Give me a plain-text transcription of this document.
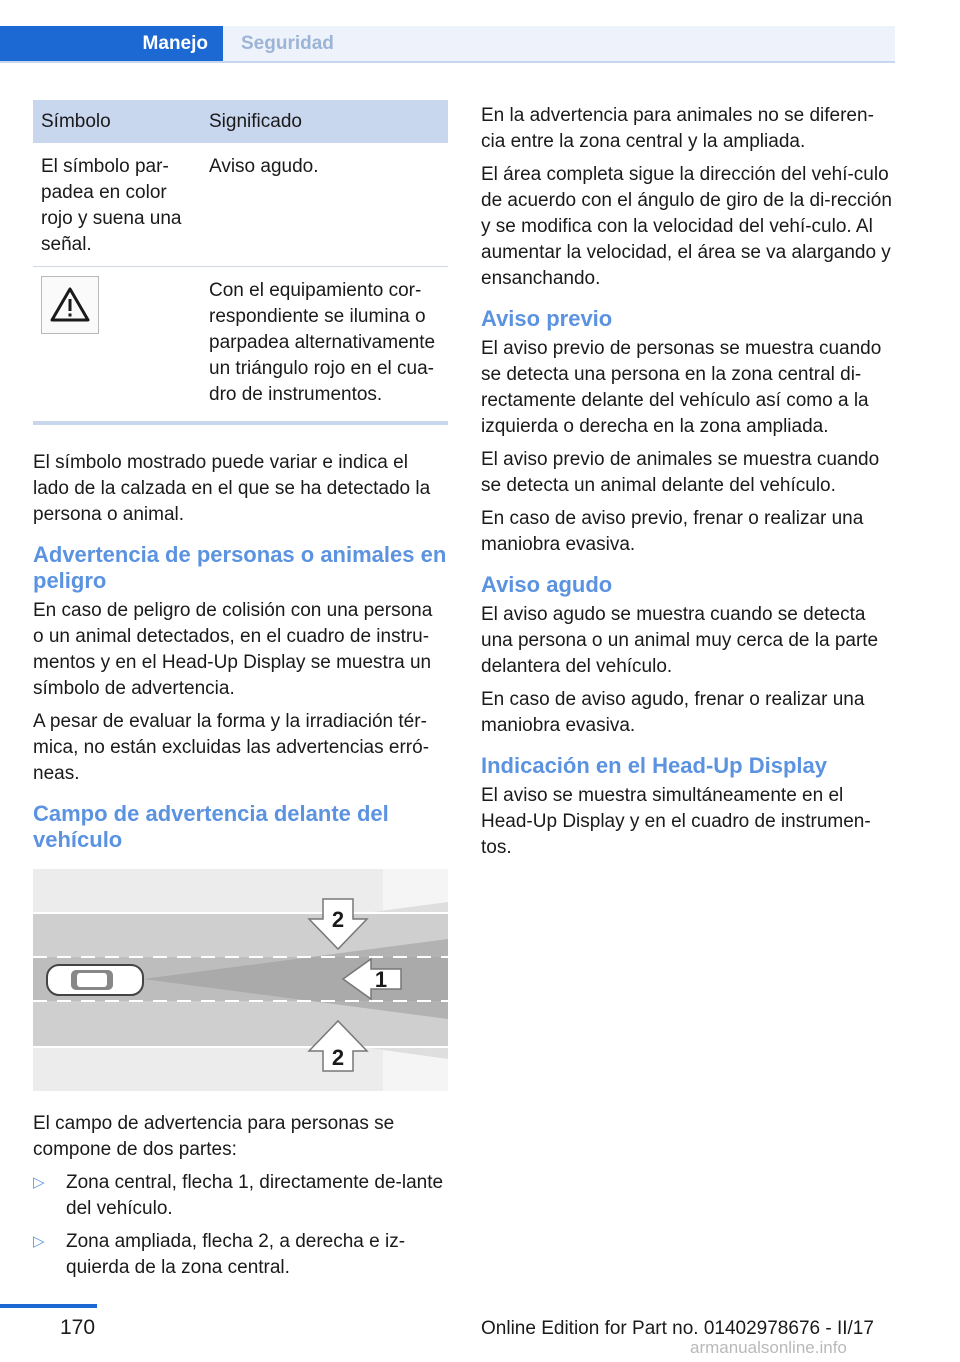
Manejo	Seguridad
Símbolo	Significado
El símbolo par‐padea en color rojo y suena una señal.	Aviso agudo.

	Con el equipamiento cor‐respondiente se ilumina o parpadea alternativamente un triángulo rojo en el cua‐dro de instrumentos.

El símbolo mostrado puede variar e indica el lado de la calzada en el que se ha detectado la persona o animal.

Advertencia de personas o animales en peligro

En caso de peligro de colisión con una persona o un animal detectados, en el cuadro de instru‐mentos y en el Head-Up Display se muestra un símbolo de advertencia.

A pesar de evaluar la forma y la irradiación tér‐mica, no están excluidas las advertencias erró‐neas.

Campo de advertencia delante del vehículo
2
1
2

El campo de advertencia para personas se compone de dos partes:

▷ Zona central, flecha 1, directamente de‐lante del vehículo.
▷ Zona ampliada, flecha 2, a derecha e iz‐quierda de la zona central.

En la advertencia para animales no se diferen‐cia entre la zona central y la ampliada.

El área completa sigue la dirección del vehí‐culo de acuerdo con el ángulo de giro de la di‐rección y se modifica con la velocidad del vehí‐culo. Al aumentar la velocidad, el área se va alargando y ensanchando.

Aviso previo

El aviso previo de personas se muestra cuando se detecta una persona en la zona central di‐rectamente delante del vehículo así como a la izquierda o derecha en la zona ampliada.

El aviso previo de animales se muestra cuando se detecta un animal delante del vehículo.

En caso de aviso previo, frenar o realizar una maniobra evasiva.

Aviso agudo

El aviso agudo se muestra cuando se detecta una persona o un animal muy cerca de la parte delantera del vehículo.

En caso de aviso agudo, frenar o realizar una maniobra evasiva.

Indicación en el Head-Up Display

El aviso se muestra simultáneamente en el Head-Up Display y en el cuadro de instrumen‐tos.

170	Online Edition for Part no. 01402978676 - II/17
armanualsonline.info
